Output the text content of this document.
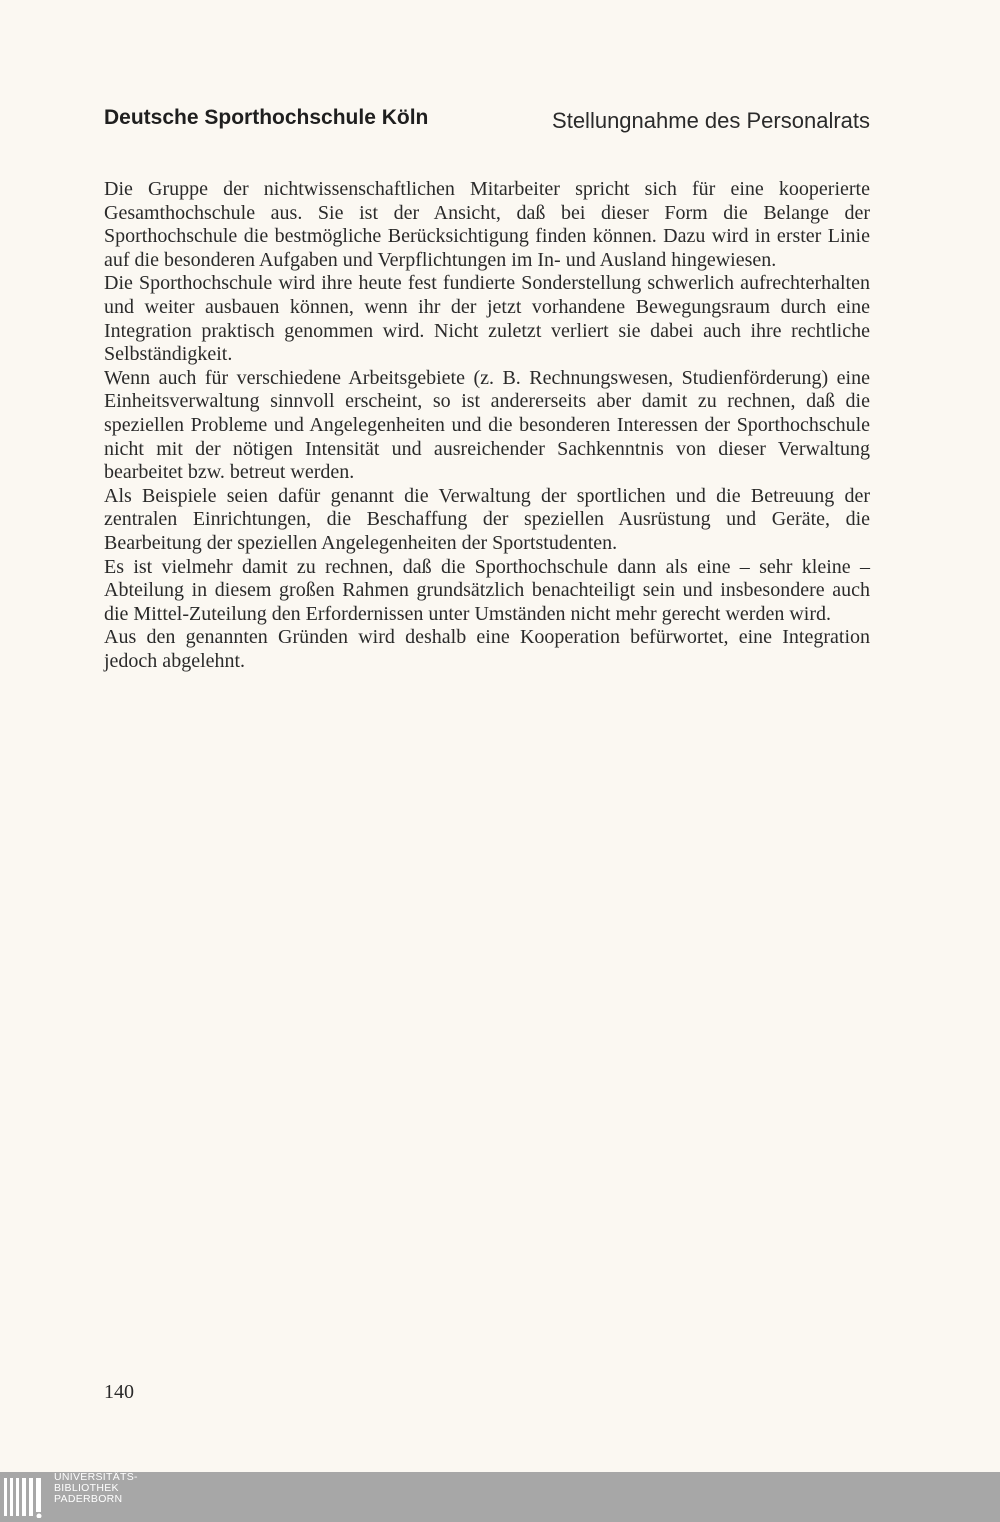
Deutsche Sporthochschule Köln	Stellungnahme des Personalrats

Die Gruppe der nichtwissenschaftlichen Mitarbeiter spricht sich für eine kooperierte Gesamthochschule aus. Sie ist der Ansicht, daß bei dieser Form die Belange der Sporthochschule die bestmögliche Berücksichtigung finden können. Dazu wird in erster Linie auf die besonderen Aufgaben und Verpflichtungen im In- und Ausland hingewiesen.

Die Sporthochschule wird ihre heute fest fundierte Sonderstellung schwerlich aufrechterhalten und weiter ausbauen können, wenn ihr der jetzt vorhandene Bewegungsraum durch eine Integration praktisch genommen wird. Nicht zuletzt verliert sie dabei auch ihre rechtliche Selbständigkeit.

Wenn auch für verschiedene Arbeitsgebiete (z. B. Rechnungswesen, Studienförderung) eine Einheitsverwaltung sinnvoll erscheint, so ist andererseits aber damit zu rechnen, daß die speziellen Probleme und Angelegenheiten und die besonderen Interessen der Sporthochschule nicht mit der nötigen Intensität und ausreichender Sachkenntnis von dieser Verwaltung bearbeitet bzw. betreut werden.

Als Beispiele seien dafür genannt die Verwaltung der sportlichen und die Betreuung der zentralen Einrichtungen, die Beschaffung der speziellen Ausrüstung und Geräte, die Bearbeitung der speziellen Angelegenheiten der Sportstudenten.

Es ist vielmehr damit zu rechnen, daß die Sporthochschule dann als eine – sehr kleine – Abteilung in diesem großen Rahmen grundsätzlich benachteiligt sein und insbesondere auch die Mittel-Zuteilung den Erfordernissen unter Umständen nicht mehr gerecht werden wird.

Aus den genannten Gründen wird deshalb eine Kooperation befürwortet, eine Integration jedoch abgelehnt.

140
UNIVERSITÄTS-
BIBLIOTHEK
PADERBORN
